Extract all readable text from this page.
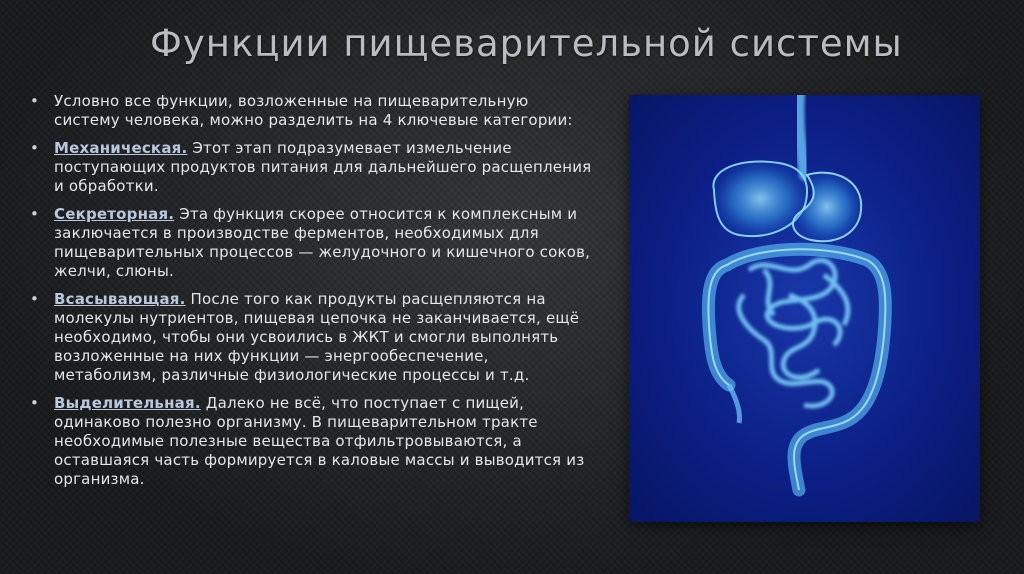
Функции пищеварительной системы
• Условно все функции, возложенные на пищеварительную систему человека, можно разделить на 4 ключевые категории:
• Механическая. Этот этап подразумевает измельчение поступающих продуктов питания для дальнейшего расщепления и обработки.
• Секреторная. Эта функция скорее относится к комплексным и заключается в производстве ферментов, необходимых для пищеварительных процессов — желудочного и кишечного соков, желчи, слюны.
• Всасывающая. После того как продукты расщепляются на молекулы нутриентов, пищевая цепочка не заканчивается, ещё необходимо, чтобы они усвоились в ЖКТ и смогли выполнять возложенные на них функции — энергообеспечение, метаболизм, различные физиологические процессы и т.д.
• Выделительная. Далеко не всё, что поступает с пищей, одинаково полезно организму. В пищеварительном тракте необходимые полезные вещества отфильтровываются, а оставшаяся часть формируется в каловые массы и выводится из организма.
